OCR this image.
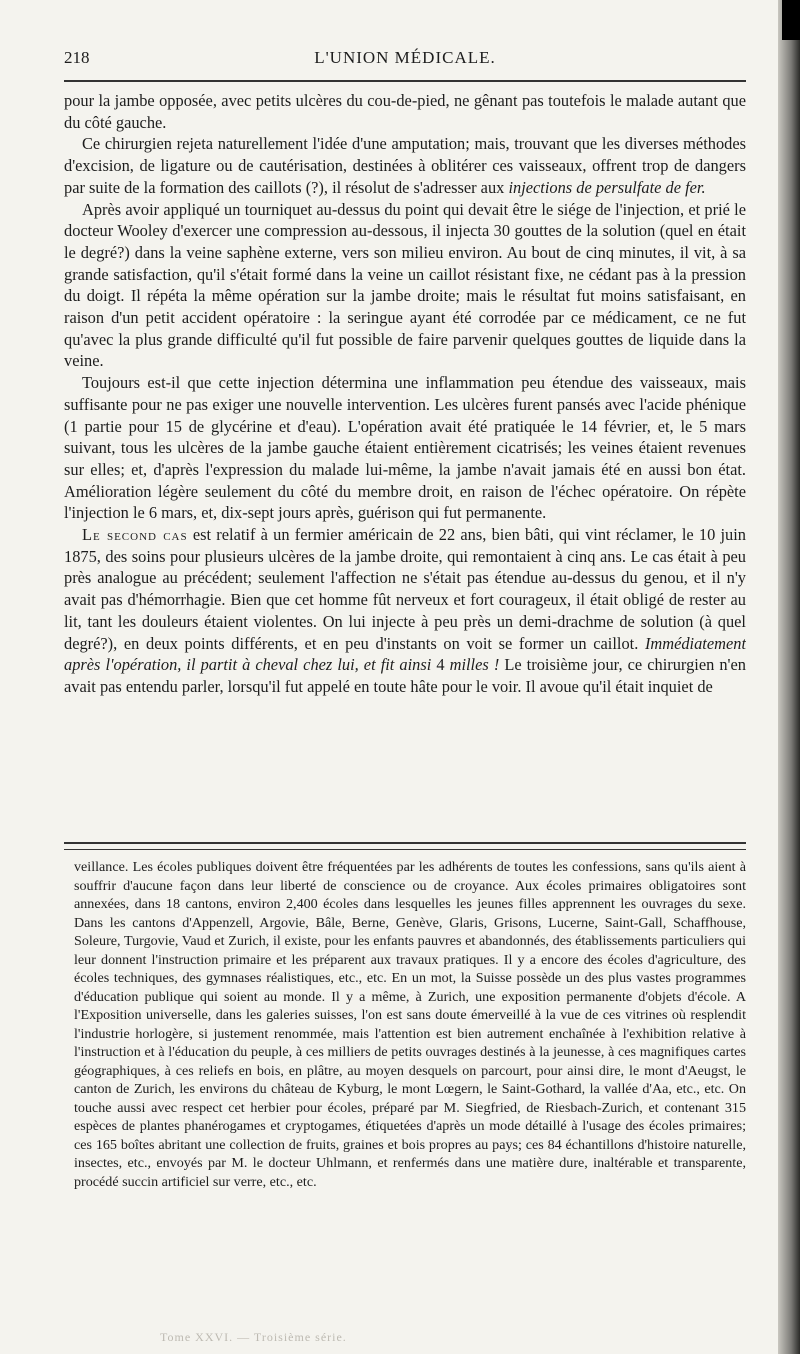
218	L'UNION MÉDICALE.

pour la jambe opposée, avec petits ulcères du cou-de-pied, ne gênant pas toutefois le malade autant que du côté gauche.

Ce chirurgien rejeta naturellement l'idée d'une amputation; mais, trouvant que les diverses méthodes d'excision, de ligature ou de cautérisation, destinées à oblitérer ces vaisseaux, offrent trop de dangers par suite de la formation des caillots (?), il résolut de s'adresser aux injections de persulfate de fer.

Après avoir appliqué un tourniquet au-dessus du point qui devait être le siége de l'injection, et prié le docteur Wooley d'exercer une compression au-dessous, il injecta 30 gouttes de la solution (quel en était le degré?) dans la veine saphène externe, vers son milieu environ. Au bout de cinq minutes, il vit, à sa grande satisfaction, qu'il s'était formé dans la veine un caillot résistant fixe, ne cédant pas à la pression du doigt. Il répéta la même opération sur la jambe droite; mais le résultat fut moins satisfaisant, en raison d'un petit accident opératoire : la seringue ayant été corrodée par ce médicament, ce ne fut qu'avec la plus grande difficulté qu'il fut possible de faire parvenir quelques gouttes de liquide dans la veine.

Toujours est-il que cette injection détermina une inflammation peu étendue des vaisseaux, mais suffisante pour ne pas exiger une nouvelle intervention. Les ulcères furent pansés avec l'acide phénique (1 partie pour 15 de glycérine et d'eau). L'opération avait été pratiquée le 14 février, et, le 5 mars suivant, tous les ulcères de la jambe gauche étaient entièrement cicatrisés; les veines étaient revenues sur elles; et, d'après l'expression du malade lui-même, la jambe n'avait jamais été en aussi bon état. Amélioration légère seulement du côté du membre droit, en raison de l'échec opératoire. On répète l'injection le 6 mars, et, dix-sept jours après, guérison qui fut permanente.

Le second cas est relatif à un fermier américain de 22 ans, bien bâti, qui vint réclamer, le 10 juin 1875, des soins pour plusieurs ulcères de la jambe droite, qui remontaient à cinq ans. Le cas était à peu près analogue au précédent; seulement l'affection ne s'était pas étendue au-dessus du genou, et il n'y avait pas d'hémorrhagie. Bien que cet homme fût nerveux et fort courageux, il était obligé de rester au lit, tant les douleurs étaient violentes. On lui injecte à peu près un demi-drachme de solution (à quel degré?), en deux points différents, et en peu d'instants on voit se former un caillot. Immédiatement après l'opération, il partit à cheval chez lui, et fit ainsi 4 milles ! Le troisième jour, ce chirurgien n'en avait pas entendu parler, lorsqu'il fut appelé en toute hâte pour le voir. Il avoue qu'il était inquiet de

veillance. Les écoles publiques doivent être fréquentées par les adhérents de toutes les confessions, sans qu'ils aient à souffrir d'aucune façon dans leur liberté de conscience ou de croyance. Aux écoles primaires obligatoires sont annexées, dans 18 cantons, environ 2,400 écoles dans lesquelles les jeunes filles apprennent les ouvrages du sexe. Dans les cantons d'Appenzell, Argovie, Bâle, Berne, Genève, Glaris, Grisons, Lucerne, Saint-Gall, Schaffhouse, Soleure, Turgovie, Vaud et Zurich, il existe, pour les enfants pauvres et abandonnés, des établissements particuliers qui leur donnent l'instruction primaire et les préparent aux travaux pratiques. Il y a encore des écoles d'agriculture, des écoles techniques, des gymnases réalistiques, etc., etc. En un mot, la Suisse possède un des plus vastes programmes d'éducation publique qui soient au monde. Il y a même, à Zurich, une exposition permanente d'objets d'école. A l'Exposition universelle, dans les galeries suisses, l'on est sans doute émerveillé à la vue de ces vitrines où resplendit l'industrie horlogère, si justement renommée, mais l'attention est bien autrement enchaînée à l'exhibition relative à l'instruction et à l'éducation du peuple, à ces milliers de petits ouvrages destinés à la jeunesse, à ces magnifiques cartes géographiques, à ces reliefs en bois, en plâtre, au moyen desquels on parcourt, pour ainsi dire, le mont d'Aeugst, le canton de Zurich, les environs du château de Kyburg, le mont Lœgern, le Saint-Gothard, la vallée d'Aa, etc., etc. On touche aussi avec respect cet herbier pour écoles, préparé par M. Siegfried, de Riesbach-Zurich, et contenant 315 espèces de plantes phanérogames et cryptogames, étiquetées d'après un mode détaillé à l'usage des écoles primaires; ces 165 boîtes abritant une collection de fruits, graines et bois propres au pays; ces 84 échantillons d'histoire naturelle, insectes, etc., envoyés par M. le docteur Uhlmann, et renfermés dans une matière dure, inaltérable et transparente, procédé succin artificiel sur verre, etc., etc.

Tome XXVI. — Troisième série.
